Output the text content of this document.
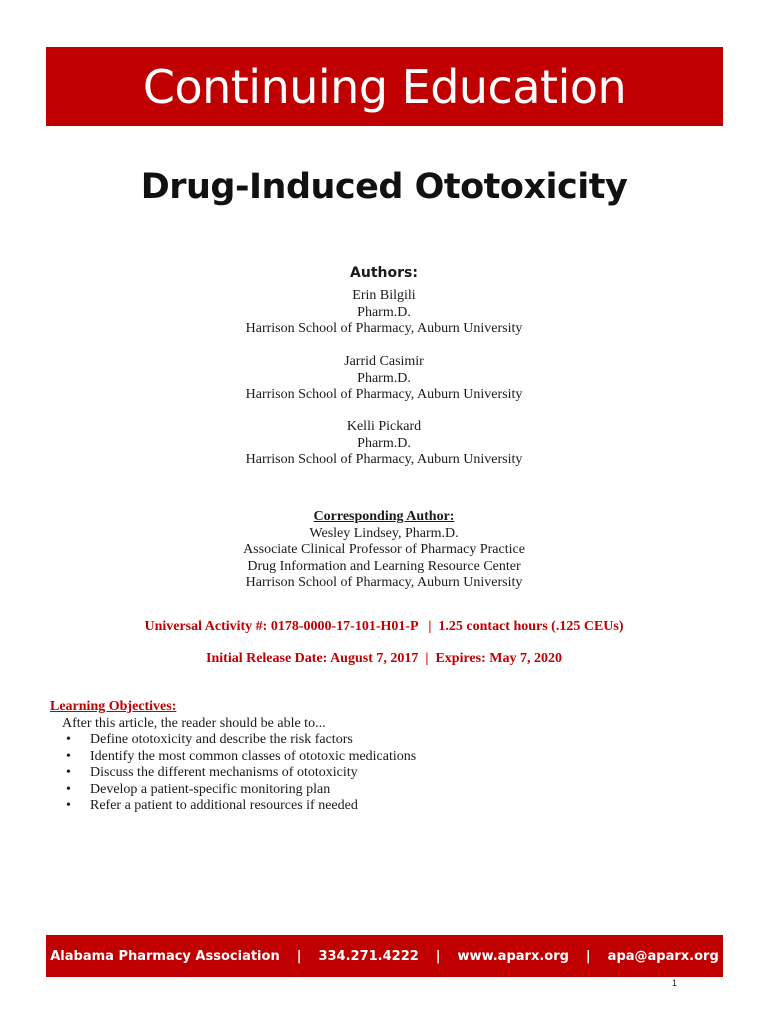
Continuing Education
Drug-Induced Ototoxicity
Authors:
Erin Bilgili
Pharm.D.
Harrison School of Pharmacy, Auburn University
Jarrid Casimir
Pharm.D.
Harrison School of Pharmacy, Auburn University
Kelli Pickard
Pharm.D.
Harrison School of Pharmacy, Auburn University
Corresponding Author:
Wesley Lindsey, Pharm.D.
Associate Clinical Professor of Pharmacy Practice
Drug Information and Learning Resource Center
Harrison School of Pharmacy, Auburn University
Universal Activity #: 0178-0000-17-101-H01-P   |  1.25 contact hours (.125 CEUs)
Initial Release Date: August 7, 2017  |  Expires: May 7, 2020
Learning Objectives:
After this article, the reader should be able to...
• Define ototoxicity and describe the risk factors
• Identify the most common classes of ototoxic medications
• Discuss the different mechanisms of ototoxicity
• Develop a patient-specific monitoring plan
• Refer a patient to additional resources if needed
Alabama Pharmacy Association | 334.271.4222 | www.aparx.org | apa@aparx.org
1
